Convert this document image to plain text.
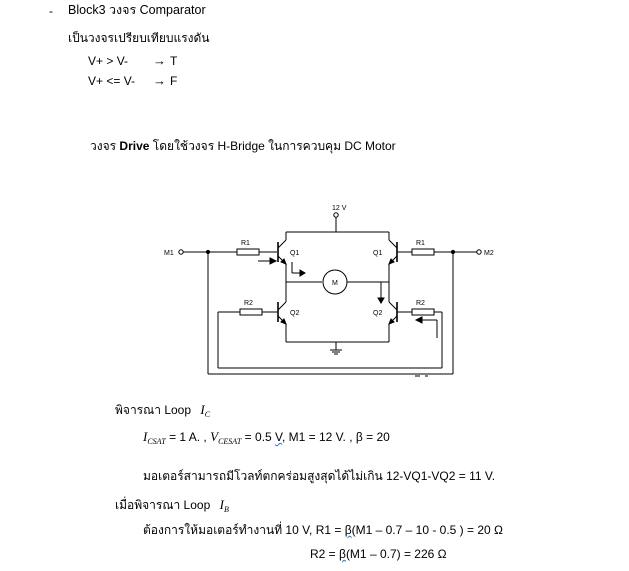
- Block3 วงจร Comparator
เป็นวงจรเปรียบเทียบแรงดัน
V+ > V- → T
V+ <= V- → F
วงจร Drive โดยใช้วงจร H-Bridge ในการควบคุม DC Motor
12 V
M1
R1
Q1
M
Q1
R1
M2
Q2
R2
Q2
R2
พิจารณา Loop $I_C$
$I_{CSAT} = 1$ A. , $V_{CESAT} = 0.5$ V, M1 = 12 V. , β = 20
มอเตอร์สามารถมีโวลท์ตกคร่อมสูงสุดได้ไม่เกิน 12-VQ1-VQ2 = 11 V.
เมื่อพิจารณา Loop $I_B$
ต้องการให้มอเตอร์ทำงานที่ 10 V, R1 = β(M1 – 0.7 – 10 - 0.5 ) = 20 Ω
R2 = β(M1 – 0.7) = 226 Ω
